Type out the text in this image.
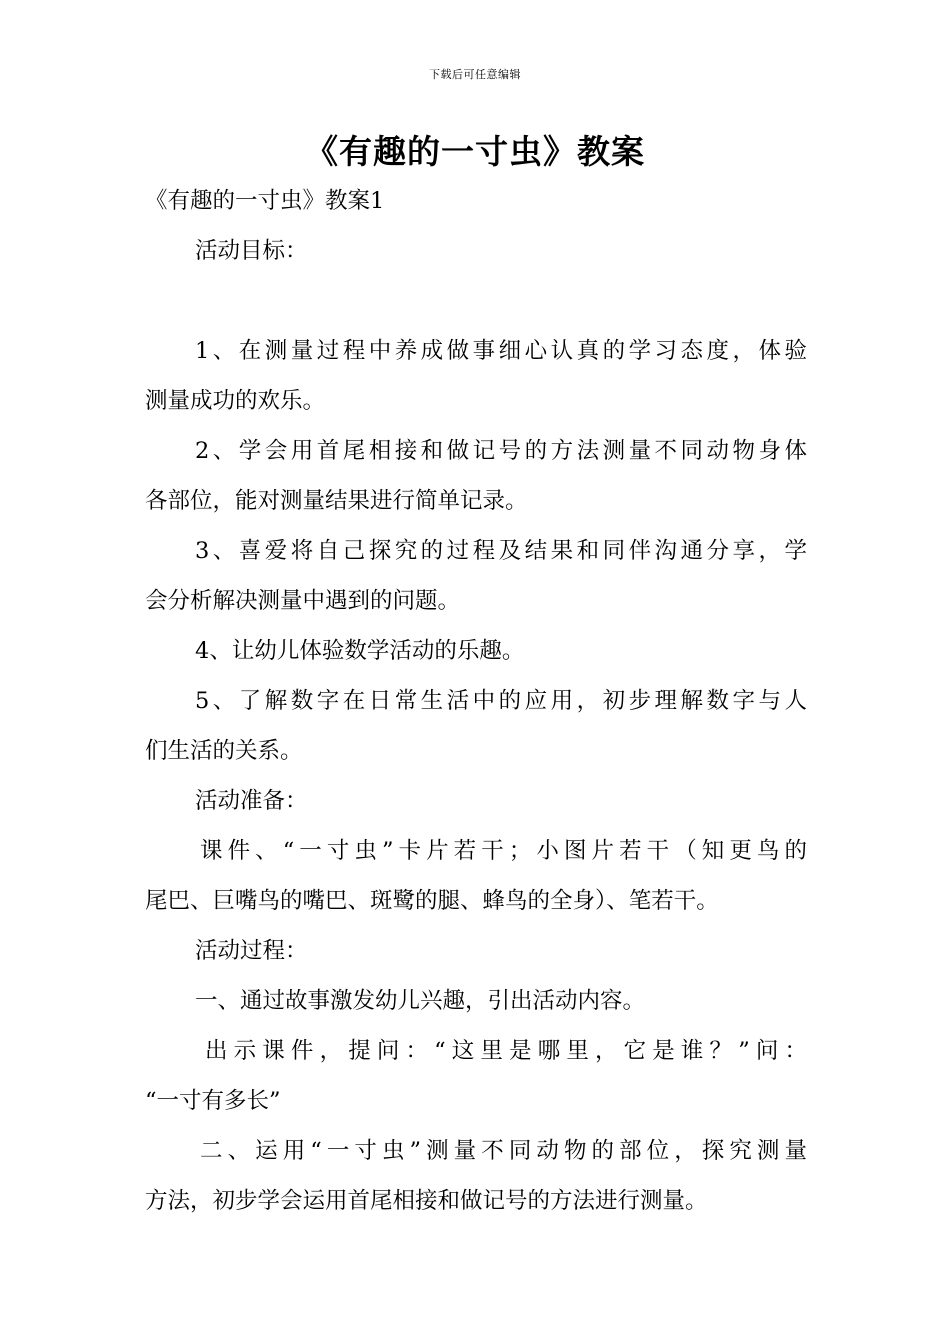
下载后可任意编辑
《有趣的一寸虫》教案
《有趣的一寸虫》教案1
活动目标：
1、在测量过程中养成做事细心认真的学习态度，体验
测量成功的欢乐。
2、学会用首尾相接和做记号的方法测量不同动物身体
各部位，能对测量结果进行简单记录。
3、喜爱将自己探究的过程及结果和同伴沟通分享，学
会分析解决测量中遇到的问题。
4、让幼儿体验数学活动的乐趣。
5、了解数字在日常生活中的应用，初步理解数字与人
们生活的关系。
活动准备：
课件、“一寸虫”卡片若干；小图片若干（知更鸟的
尾巴、巨嘴鸟的嘴巴、斑鹭的腿、蜂鸟的全身）、笔若干。
活动过程：
一、通过故事激发幼儿兴趣，引出活动内容。
出示课件，提问：“这里是哪里，它是谁？”问：
“一寸有多长”
二、运用“一寸虫”测量不同动物的部位，探究测量
方法，初步学会运用首尾相接和做记号的方法进行测量。
